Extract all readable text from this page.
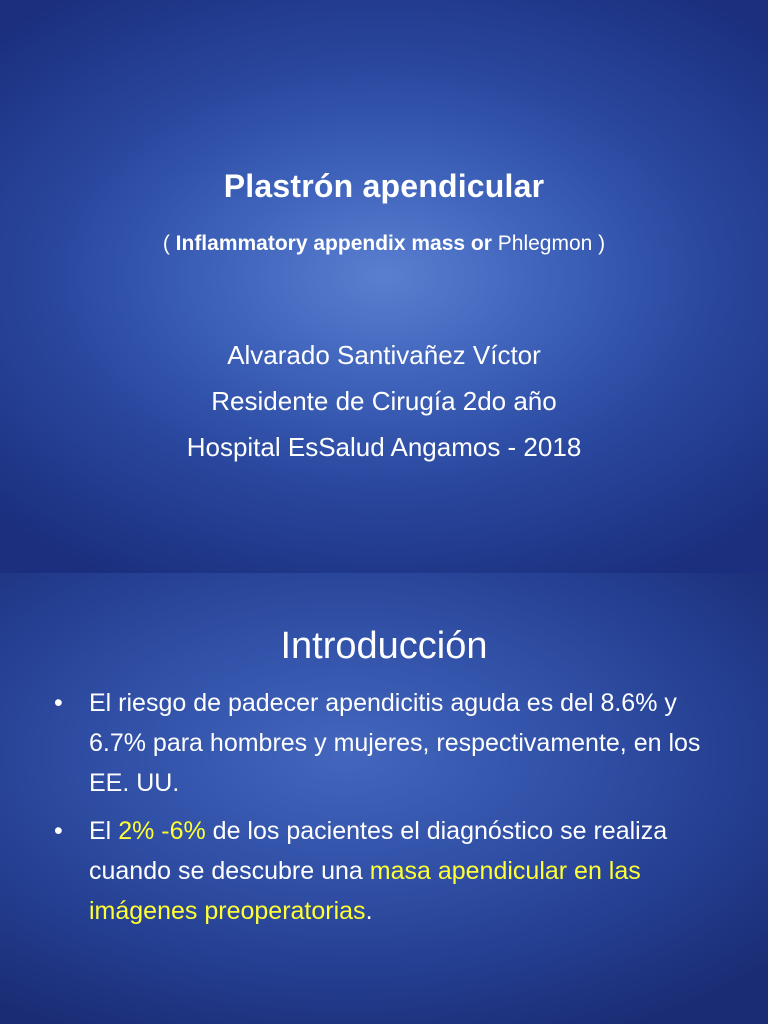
Plastrón apendicular
( Inflammatory appendix mass or Phlegmon )
Alvarado Santivañez Víctor
Residente de Cirugía 2do año
Hospital EsSalud Angamos - 2018
Introducción
• El riesgo de padecer apendicitis aguda es del 8.6% y 6.7% para hombres y mujeres, respectivamente, en los EE. UU.
• El 2% -6% de los pacientes el diagnóstico se realiza cuando se descubre una masa apendicular en las imágenes preoperatorias.
